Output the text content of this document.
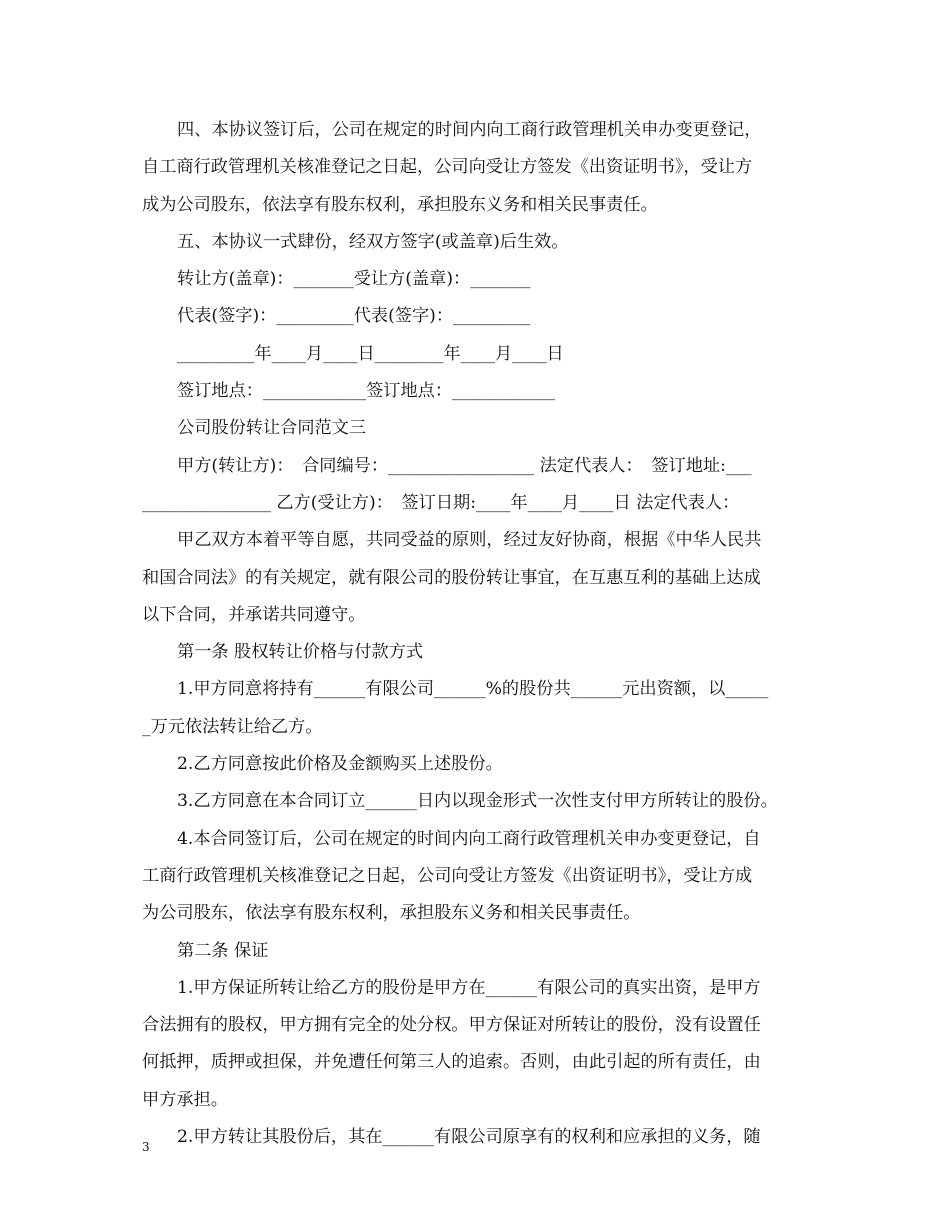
四、本协议签订后，公司在规定的时间内向工商行政管理机关申办变更登记，
自工商行政管理机关核准登记之日起，公司向受让方签发《出资证明书》，受让方
成为公司股东，依法享有股东权利，承担股东义务和相关民事责任。
五、本协议一式肆份，经双方签字(或盖章)后生效。
转让方(盖章)：_______受让方(盖章)：_______
代表(签字)：_________代表(签字)：_________
_________年____月____日________年____月____日
签订地点：____________签订地点：____________
公司股份转让合同范文三
甲方(转让方)：　合同编号：_________________ 法定代表人：　签订地址:___
_______________ 乙方(受让方)：　签订日期:____年____月____日 法定代表人：
甲乙双方本着平等自愿，共同受益的原则，经过友好协商，根据《中华人民共
和国合同法》的有关规定，就有限公司的股份转让事宜，在互惠互利的基础上达成
以下合同，并承诺共同遵守。
第一条 股权转让价格与付款方式
1.甲方同意将持有______有限公司______%的股份共______元出资额，以_____
_万元依法转让给乙方。
2.乙方同意按此价格及金额购买上述股份。
3.乙方同意在本合同订立______日内以现金形式一次性支付甲方所转让的股份。
4.本合同签订后，公司在规定的时间内向工商行政管理机关申办变更登记，自
工商行政管理机关核准登记之日起，公司向受让方签发《出资证明书》，受让方成
为公司股东，依法享有股东权利，承担股东义务和相关民事责任。
第二条 保证
1.甲方保证所转让给乙方的股份是甲方在______有限公司的真实出资，是甲方
合法拥有的股权，甲方拥有完全的处分权。甲方保证对所转让的股份，没有设置任
何抵押，质押或担保，并免遭任何第三人的追索。否则，由此引起的所有责任，由
甲方承担。
2.甲方转让其股份后，其在______有限公司原享有的权利和应承担的义务，随
3
